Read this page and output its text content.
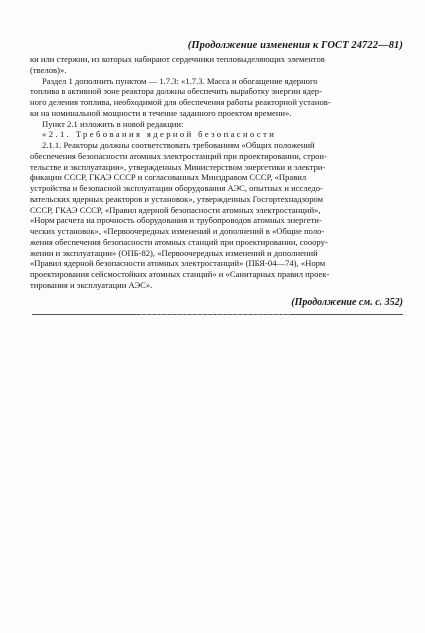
(Продолжение изменения к ГОСТ 24722—81)
ки или стержни, из которых набирают сердечники тепловыделяющих элементов
(твелов)».
Раздел 1 дополнить пунктом — 1.7.3: «1.7.3. Масса и обогащение ядерного
топлива в активной зоне реактора должны обеспечить выработку энергии ядер-
ного деления топлива, необходимой для обеспечения работы реакторной установ-
ки на номинальной мощности в течение заданного проектом времени».
Пункт 2.1 изложить в новой редакции:
«2.1. Требования ядерной безопасности
2.1.1. Реакторы должны соответствовать требованиям «Общих положений
обеспечения безопасности атомных электростанций при проектировании, строи-
тельстве и эксплуатации», утвержденных Министерством энергетики и электри-
фикации СССР, ГКАЭ СССР и согласованных Минздравом СССР, «Правил
устройства и безопасной эксплуатации оборудования АЭС, опытных и исследо-
вательских ядерных реакторов и установок», утвержденных Госгортехнадзором
СССР, ГКАЭ СССР, «Правил ядерной безопасности атомных электростанций»,
«Норм расчета на прочность оборудования и трубопроводов атомных энергети-
ческих установок», «Первоочередных изменений и дополнений в «Общие поло-
жения обеспечения безопасности атомных станций при проектировании, сооору-
жении и эксплуатации» (ОПБ-82), «Первоочередных изменений и дополнений
«Правил ядерной безопасности атомных электростанций» (ПБЯ-04—74), «Норм
проектирования сейсмостойких атомных станций» и «Санитарных правил проек-
тирования и эксплуатации АЭС».
(Продолжение см. с. 352)
